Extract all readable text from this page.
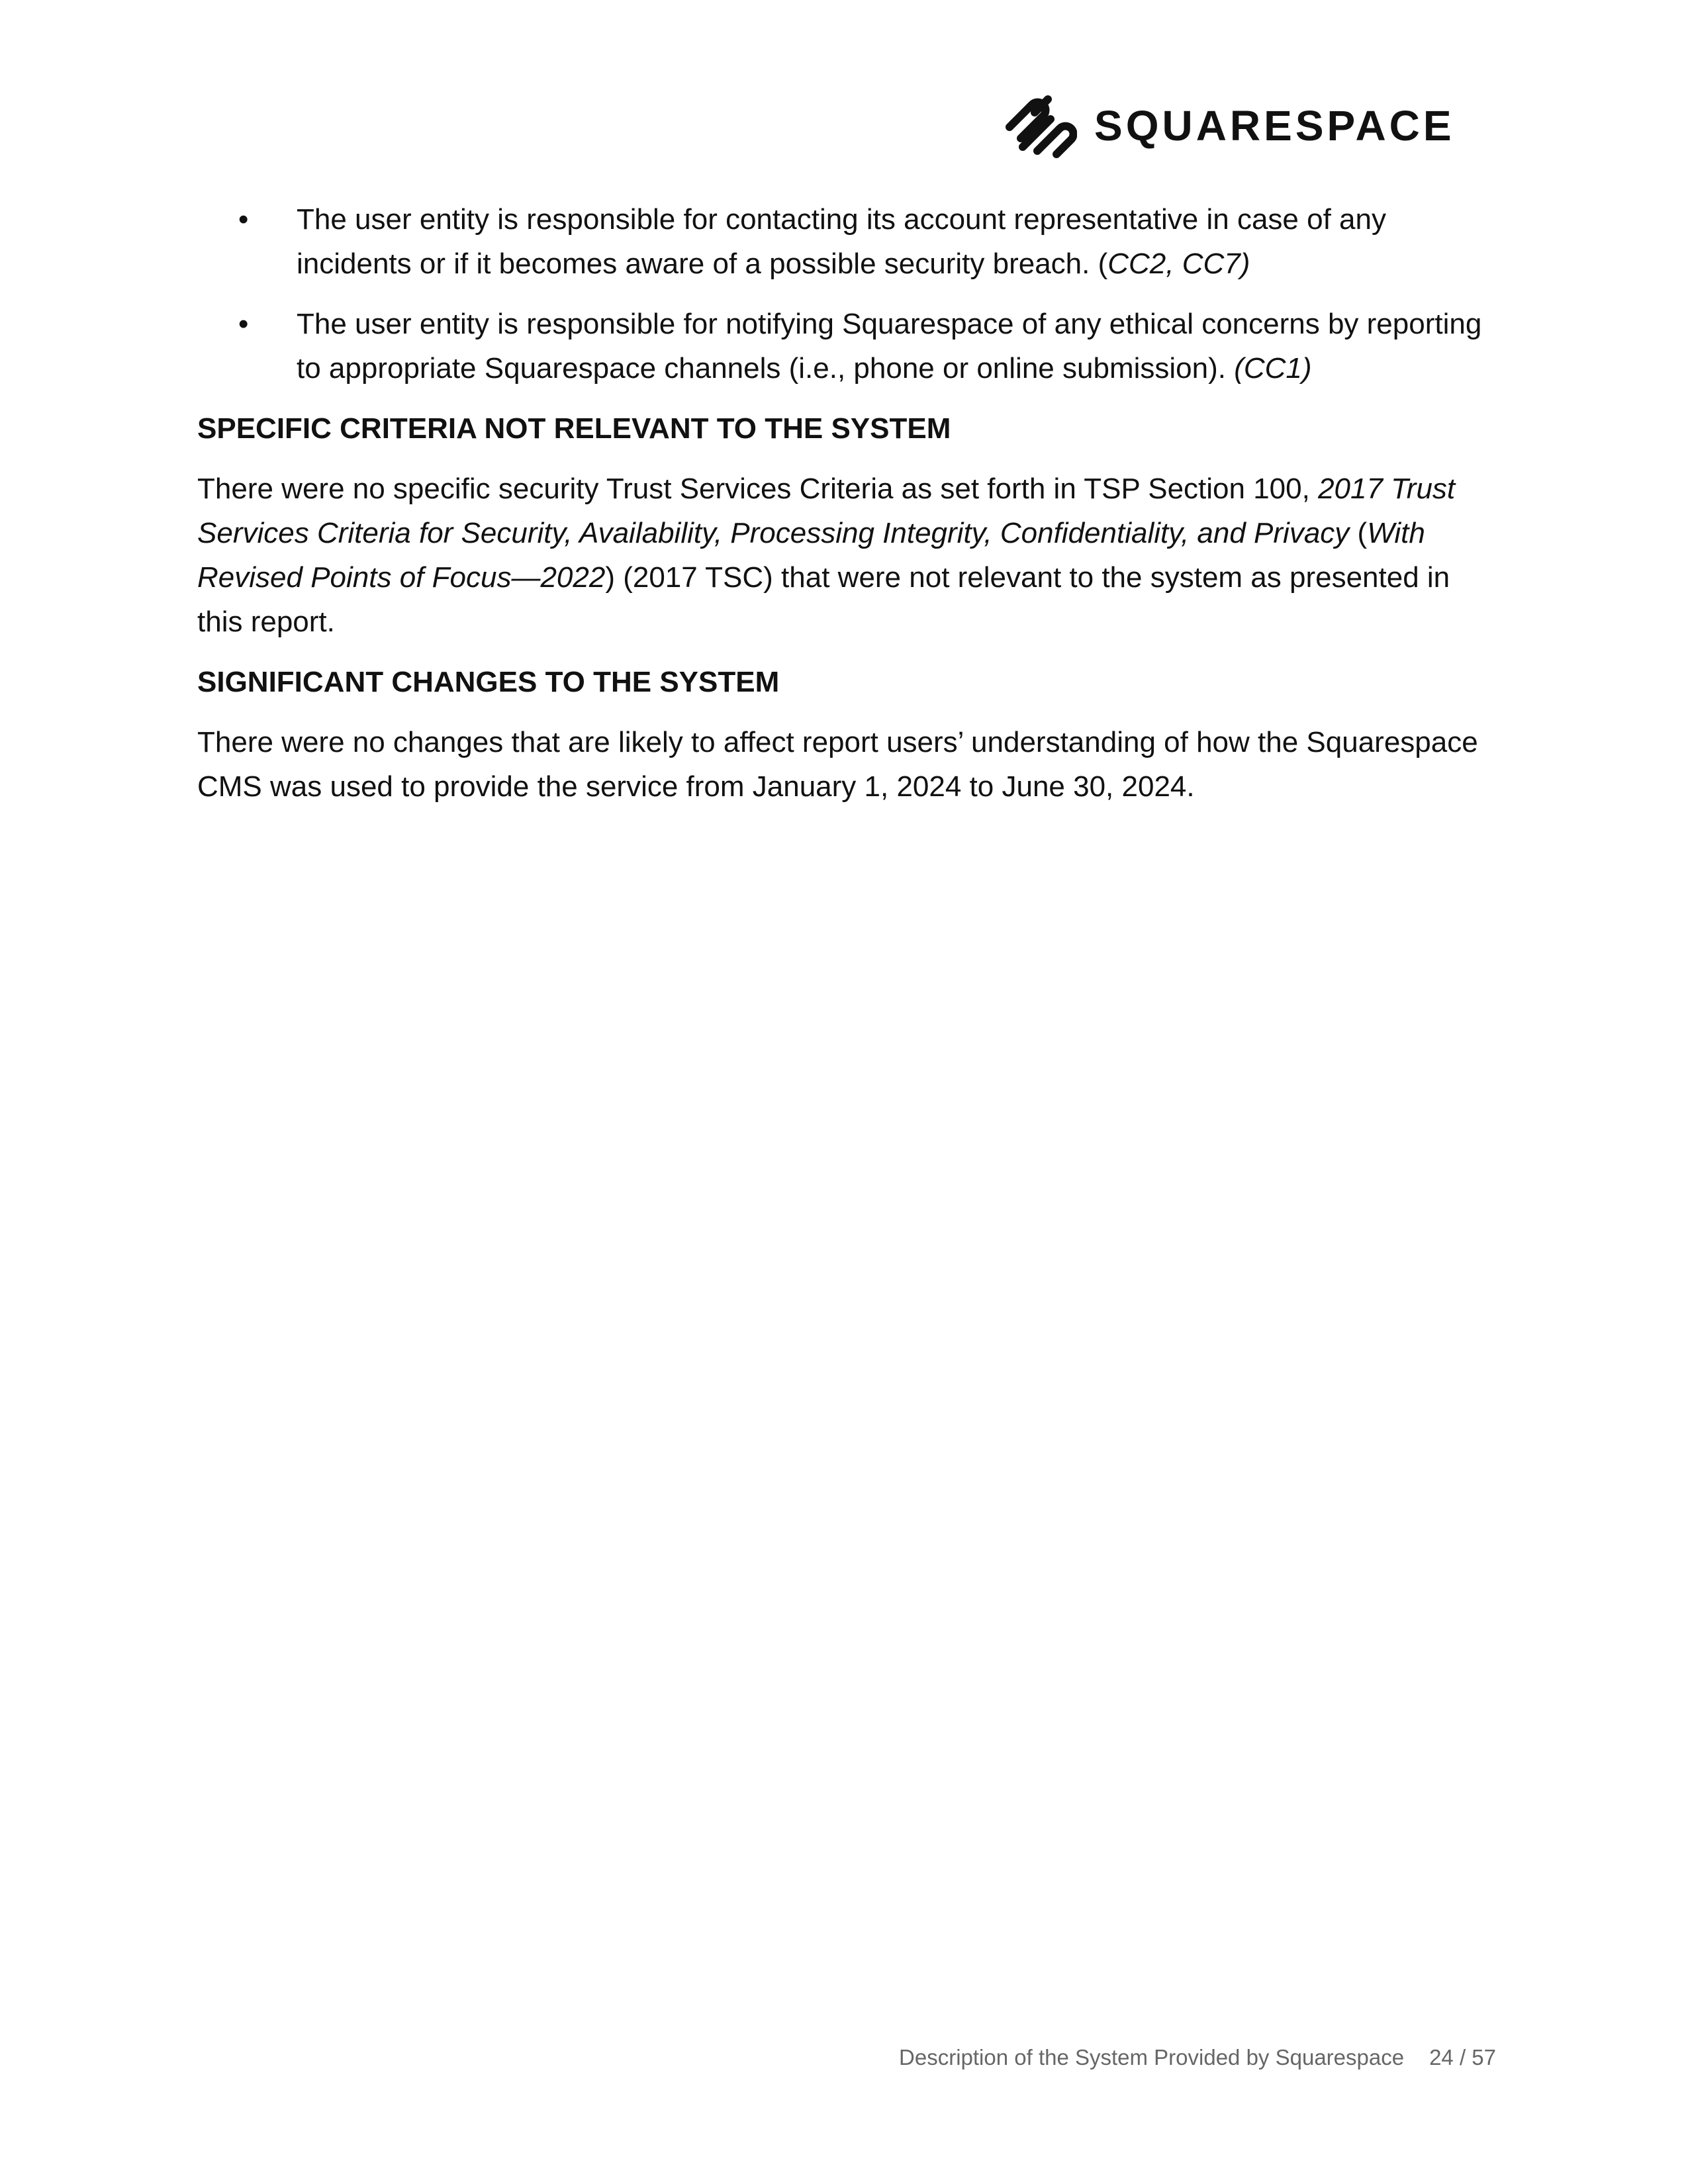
SQUARESPACE
•	The user entity is responsible for contacting its account representative in case of any incidents or if it becomes aware of a possible security breach. (CC2, CC7)
•	The user entity is responsible for notifying Squarespace of any ethical concerns by reporting to appropriate Squarespace channels (i.e., phone or online submission). (CC1)
SPECIFIC CRITERIA NOT RELEVANT TO THE SYSTEM
There were no specific security Trust Services Criteria as set forth in TSP Section 100, 2017 Trust Services Criteria for Security, Availability, Processing Integrity, Confidentiality, and Privacy (With Revised Points of Focus—2022) (2017 TSC) that were not relevant to the system as presented in this report.
SIGNIFICANT CHANGES TO THE SYSTEM
There were no changes that are likely to affect report users’ understanding of how the Squarespace CMS was used to provide the service from January 1, 2024 to June 30, 2024.
Description of the System Provided by Squarespace 24 / 57
